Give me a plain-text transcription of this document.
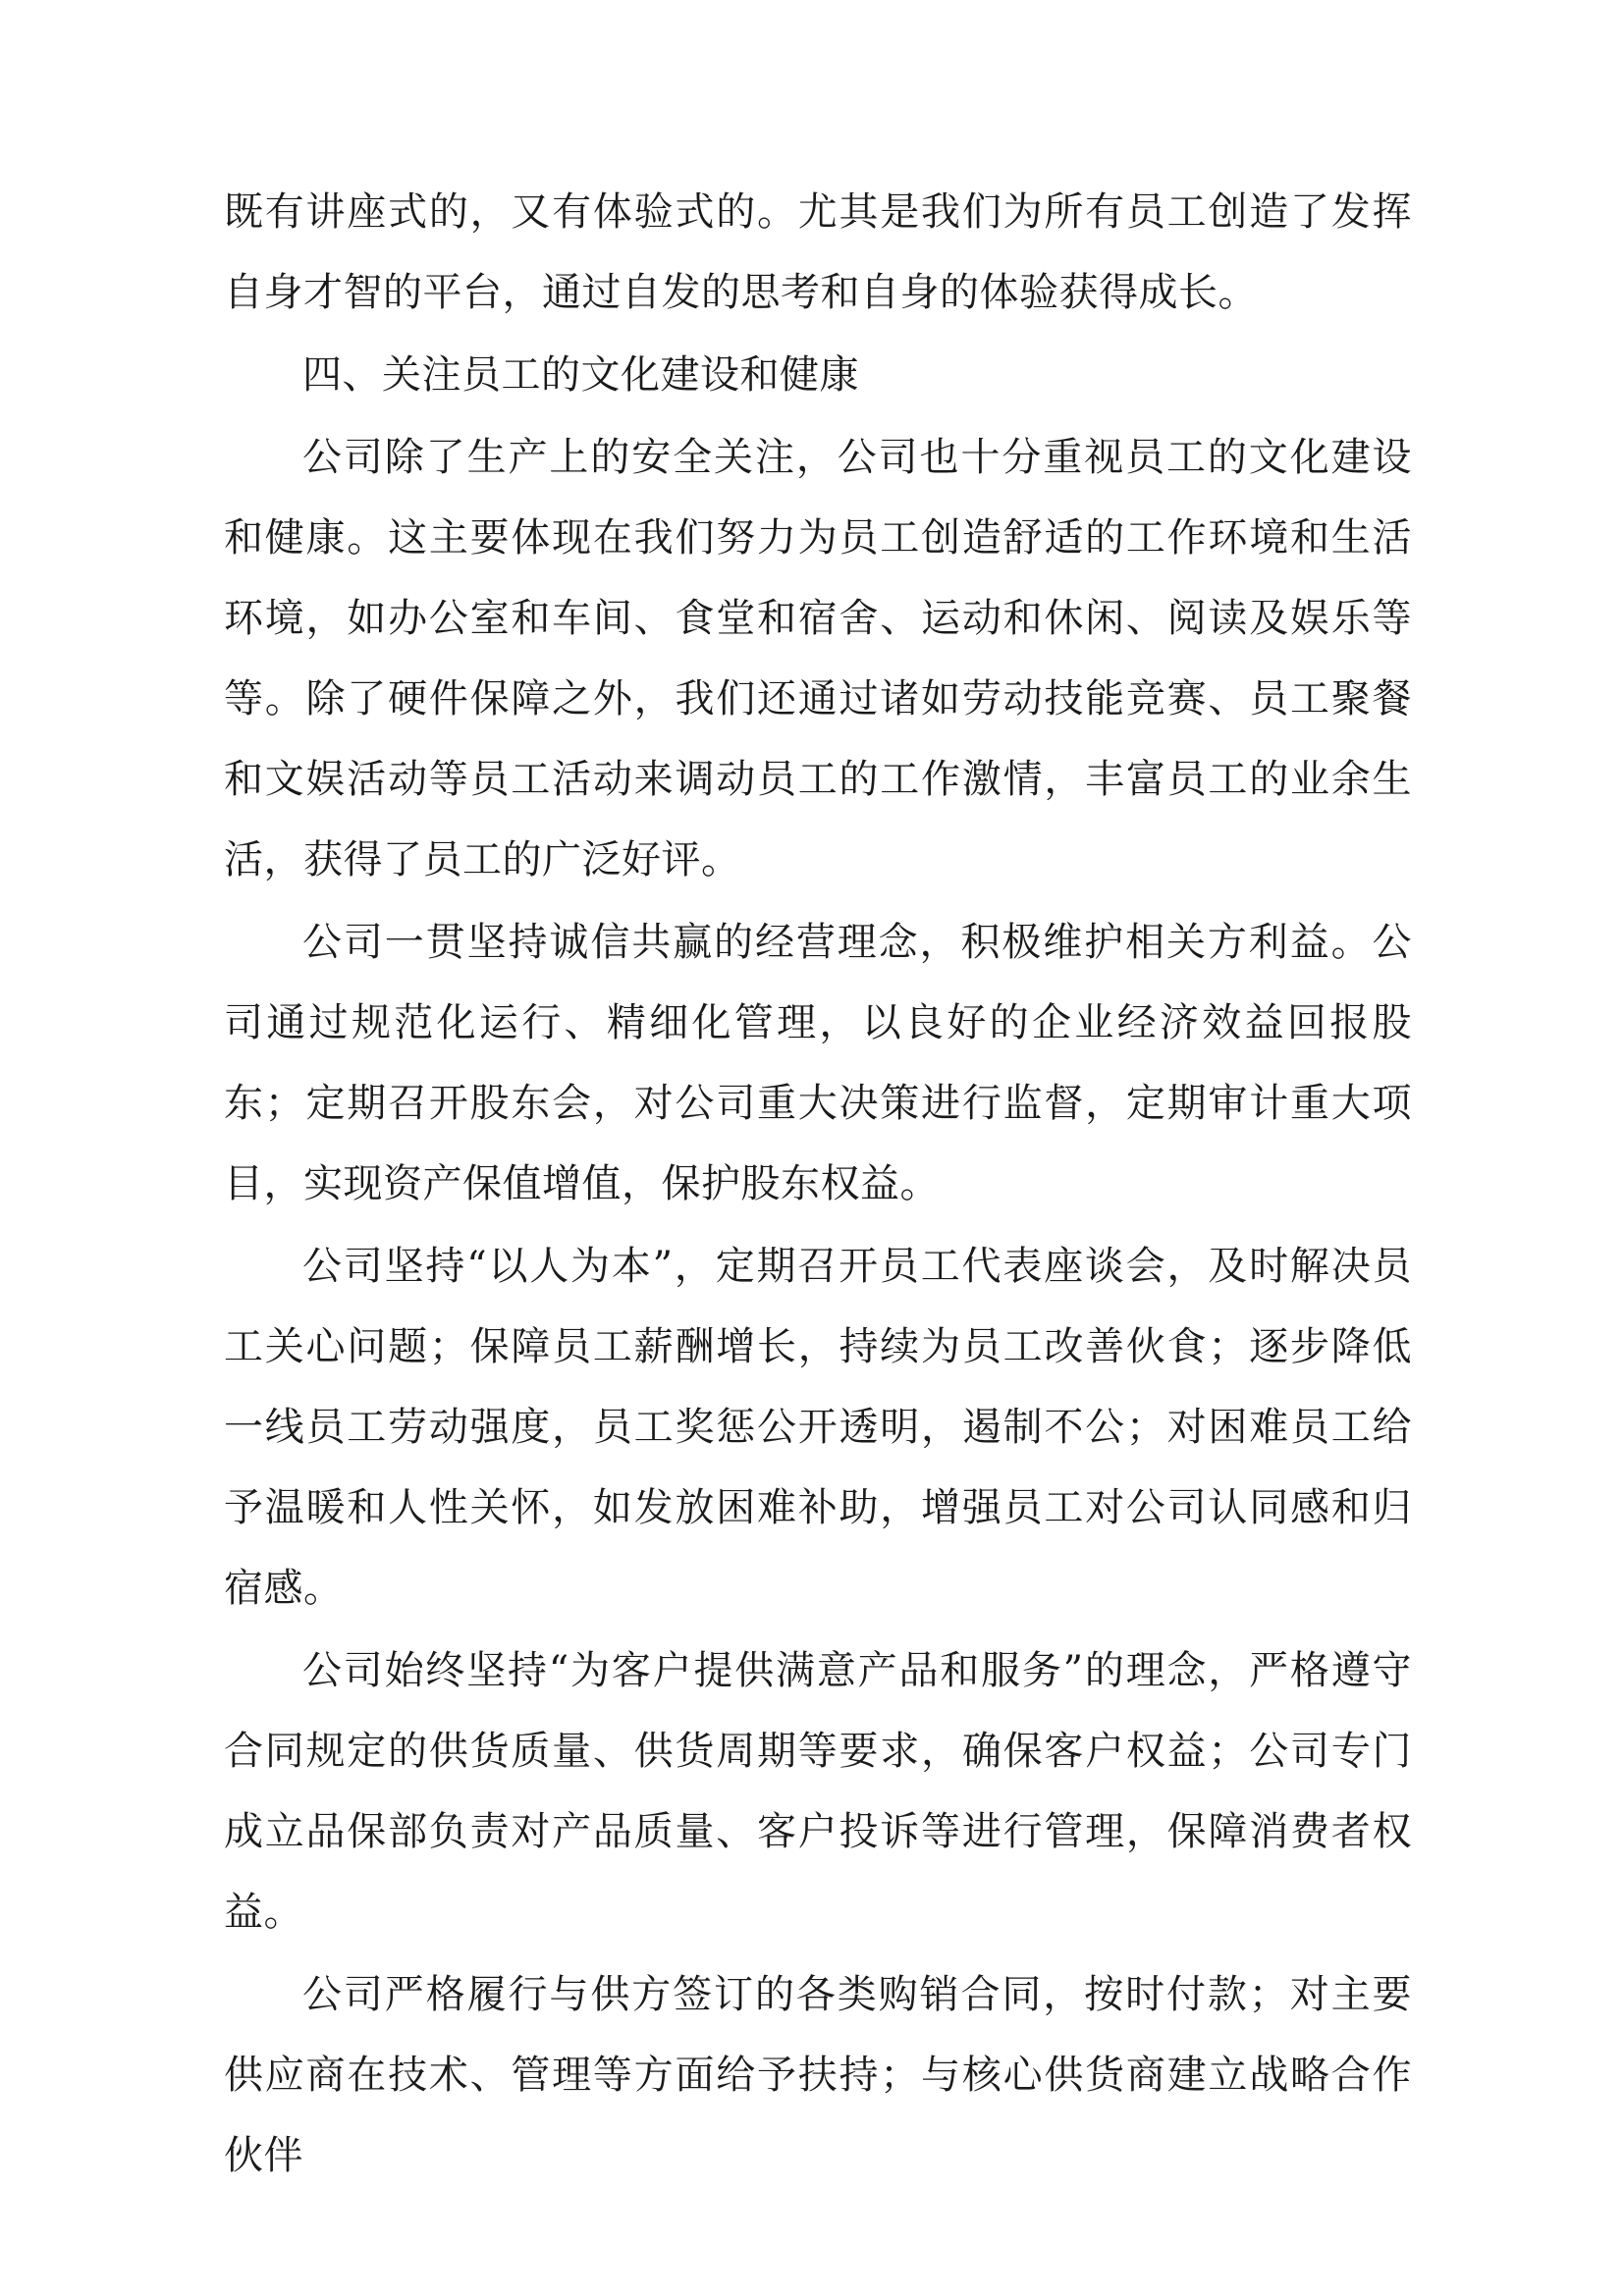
既有讲座式的，又有体验式的。尤其是我们为所有员工创造了发挥自身才智的平台，通过自发的思考和自身的体验获得成长。

四、关注员工的文化建设和健康

公司除了生产上的安全关注，公司也十分重视员工的文化建设和健康。这主要体现在我们努力为员工创造舒适的工作环境和生活环境，如办公室和车间、食堂和宿舍、运动和休闲、阅读及娱乐等等。除了硬件保障之外，我们还通过诸如劳动技能竞赛、员工聚餐和文娱活动等员工活动来调动员工的工作激情，丰富员工的业余生活，获得了员工的广泛好评。

公司一贯坚持诚信共赢的经营理念，积极维护相关方利益。公司通过规范化运行、精细化管理，以良好的企业经济效益回报股东；定期召开股东会，对公司重大决策进行监督，定期审计重大项目，实现资产保值增值，保护股东权益。

公司坚持“以人为本”，定期召开员工代表座谈会，及时解决员工关心问题；保障员工薪酬增长，持续为员工改善伙食；逐步降低一线员工劳动强度，员工奖惩公开透明，遏制不公；对困难员工给予温暖和人性关怀，如发放困难补助，增强员工对公司认同感和归宿感。

公司始终坚持“为客户提供满意产品和服务”的理念，严格遵守合同规定的供货质量、供货周期等要求，确保客户权益；公司专门成立品保部负责对产品质量、客户投诉等进行管理，保障消费者权益。

公司严格履行与供方签订的各类购销合同，按时付款；对主要供应商在技术、管理等方面给予扶持；与核心供货商建立战略合作伙伴
